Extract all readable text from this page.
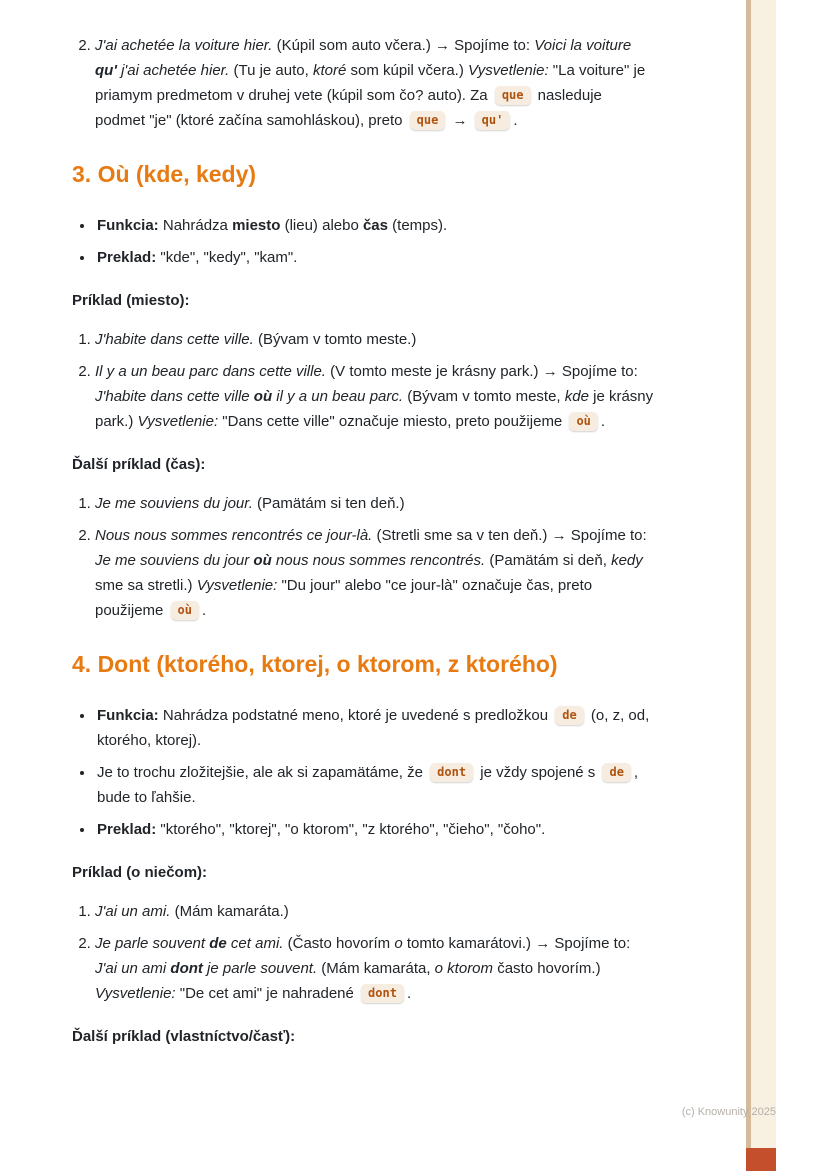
(c) Knowunity 2025
2. J'ai achetée la voiture hier. (Kúpil som auto včera.) → Spojíme to: Voici la voiture qu' j'ai achetée hier. (Tu je auto, ktoré som kúpil včera.) Vysvetlenie: "La voiture" je priamym predmetom v druhej vete (kúpil som čo? auto). Za que nasleduje podmet "je" (ktoré začína samohláskou), preto que → qu' .
3. Où (kde, kedy)
• Funkcia: Nahrádza miesto (lieu) alebo čas (temps).
• Preklad: "kde", "kedy", "kam".

Príklad (miesto):

1. J'habite dans cette ville. (Bývam v tomto meste.)
2. Il y a un beau parc dans cette ville. (V tomto meste je krásny park.) → Spojíme to: J'habite dans cette ville où il y a un beau parc. (Bývam v tomto meste, kde je krásny park.) Vysvetlenie: "Dans cette ville" označuje miesto, preto použijeme où .

Ďalší príklad (čas):

1. Je me souviens du jour. (Pamätám si ten deň.)
2. Nous nous sommes rencontrés ce jour-là. (Stretli sme sa v ten deň.) → Spojíme to: Je me souviens du jour où nous nous sommes rencontrés. (Pamätám si deň, kedy sme sa stretli.) Vysvetlenie: "Du jour" alebo "ce jour-là" označuje čas, preto použijeme où .
4. Dont (ktorého, ktorej, o ktorom, z ktorého)
• Funkcia: Nahrádza podstatné meno, ktoré je uvedené s predložkou de (o, z, od, ktorého, ktorej).
• Je to trochu zložitejšie, ale ak si zapamätáme, že dont je vždy spojené s de , bude to ľahšie.
• Preklad: "ktorého", "ktorej", "o ktorom", "z ktorého", "čieho", "čoho".

Príklad (o niečom):

1. J'ai un ami. (Mám kamaráta.)
2. Je parle souvent de cet ami. (Často hovorím o tomto kamarátovi.) → Spojíme to: J'ai un ami dont je parle souvent. (Mám kamaráta, o ktorom často hovorím.) Vysvetlenie: "De cet ami" je nahradené dont .

Ďalší príklad (vlastníctvo/časť):
